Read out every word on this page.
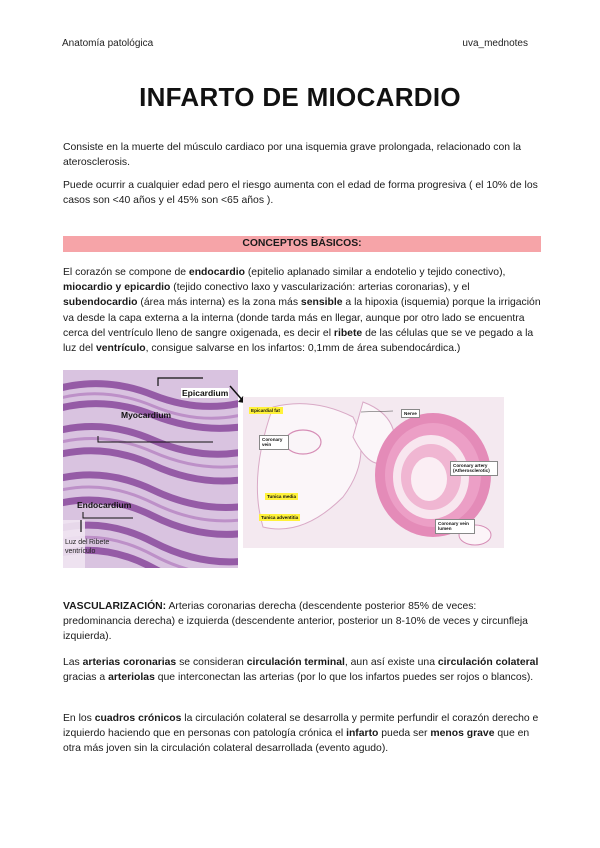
Anatomía patológica	uva_mednotes
INFARTO DE MIOCARDIO

Consiste en la muerte del músculo cardiaco por una isquemia grave prolongada, relacionado con la aterosclerosis.

Puede ocurrir a cualquier edad pero el riesgo aumenta con el edad de forma progresiva ( el 10% de los casos son <40 años y el 45% son <65 años ).

CONCEPTOS BÁSICOS:

El corazón se compone de endocardio (epitelio aplanado similar a endotelio y tejido conectivo), miocardio y epicardio (tejido conectivo laxo y vascularización: arterias coronarias), y el subendocardio (área más interna) es la zona más sensible a la hipoxia (isquemia) porque la irrigación va desde la capa externa a la interna (donde tarda más en llegar, aunque por otro lado se encuentra cerca del ventrículo lleno de sangre oxigenada, es decir el ribete de las células que se ve pegado a la luz del ventrículo, consigue salvarse en los infartos: 0,1mm de área subendocárdica.)

Epicardium
Myocardium
Endocardium
Luz del ventrículo
Ribete
Epicardial fat
Nerve
Coronary vein
Coronary artery (Atherosclerotic)
Tunica media
Tunica adventitia
Coronary vein lumen

VASCULARIZACIÓN: Arterias coronarias derecha (descendente posterior 85% de veces: predominancia derecha) e izquierda (descendente anterior, posterior un 8-10% de veces y circunfleja izquierda).

Las arterias coronarias se consideran circulación terminal, aun así existe una circulación colateral gracias a arteriolas que interconectan las arterias (por lo que los infartos puedes ser rojos o blancos).

En los cuadros crónicos la circulación colateral se desarrolla y permite perfundir el corazón derecho e izquierdo haciendo que en personas con patología crónica el infarto pueda ser menos grave que en otra más joven sin la circulación colateral desarrollada (evento agudo).
